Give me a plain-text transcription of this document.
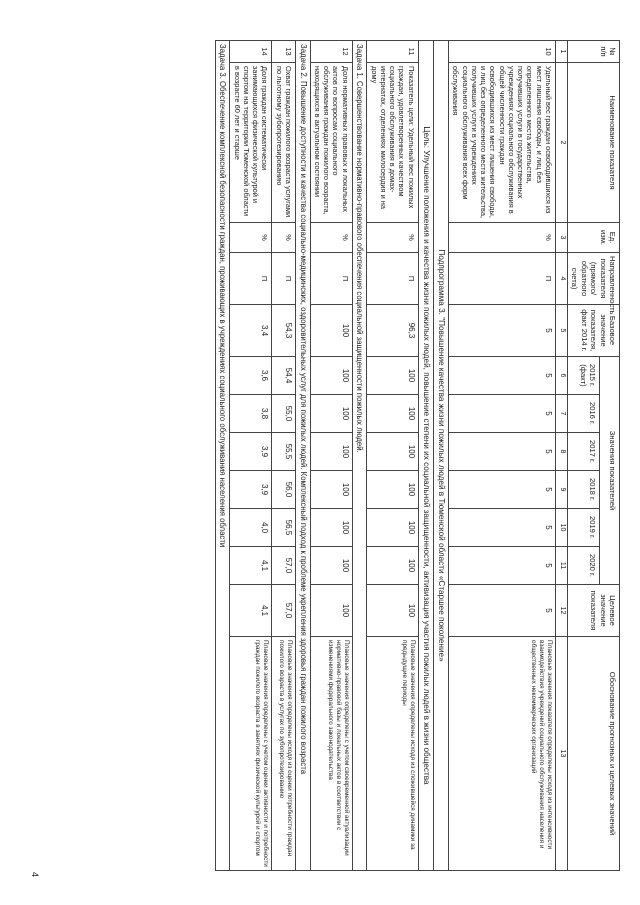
№ п/п	Наименование показателя	Ед. изм.	Направленность показателя (прямого/обратного счета)	Базовое значение показателя, факт 2014 г.	Значения показателей						Целевое значение показателя	Обоснование прогнозных и целевых значений
					2015 г. (факт)	2016 г.	2017 г.	2018 г.	2019 г.	2020 г.		
1	2	3	4	5	6	7	8	9	10	11	12	13
10	Удельный вес граждан освободившихся из мест лишения свободы, и лиц без определенного места жительства, получивших услуги в государственных учреждениях социального обслуживания в общей численности граждан освободившихся из мест лишения свободы, и лиц без определенного места жительства, получивших услуги в учреждениях социального обслуживания всех форм обслуживания	%	П	5	5	5	5	5	5	5	5	Плановые значения показателя определены исходя из интенсивности взаимодействия учреждений социального обслуживания населения и общественных некоммерческих организаций
Подпрограмма 3. "Повышение качества жизни пожилых людей в Тюменской области «Старшее поколение»												
Цель: Улучшение положения и качества жизни пожилых людей, повышение степени их социальной защищенности, активизация участия пожилых людей в жизни общества												
11	Показатель цели: Удельный вес пожилых граждан, удовлетворенных качеством социального обслуживания в домах-интернатах, отделениях милосердия и на дому	%	П	96,3	100	100	100	100	100	100	100	Плановые значения определены исходя из сложившейся динамики за предыдущие периоды
Задача 1. Совершенствование нормативно-правового обеспечения социальной защищенности пожилых людей.												
12	Доля нормативных правовых и локальных актов по вопросам социального обслуживания граждан пожилого возраста, находящихся в актуальном состоянии	%	П	100	100	100	100	100	100	100	100	Плановые значения определены с учетом своевременной актуализации нормативно-правовой базы и локальных актов в соответствии с изменениями федерального законодательства
Задача 2. Повышение доступности и качества социально-медицинских, оздоровительных услуг для пожилых людей. Комплексный подход к проблеме укрепления здоровья граждан пожилого возраста												
13	Охват граждан пожилого возраста услугами по льготному зубопротезированию	%	П	54,3	54,4	55,0	55,5	56,0	56,5	57,0	57,0	Плановые значения определены исходя из оценки потребности граждан пожилого возраста в услугах по зубопротезированию
14	Доля граждан систематически занимающихся физической культурой и спортом на территории Тюменской области в возрасте 60 лет и старше	%	П	3,4	3,6	3,8	3,9	3,9	4,0	4,1	4,1	Плановые значения определены с учетом оценки активности и потребности граждан пожилого возраста в занятиях физической культурой и спортом
Задача 3. Обеспечение комплексной безопасности граждан, проживающих в учреждениях социального обслуживания населения области												
4
